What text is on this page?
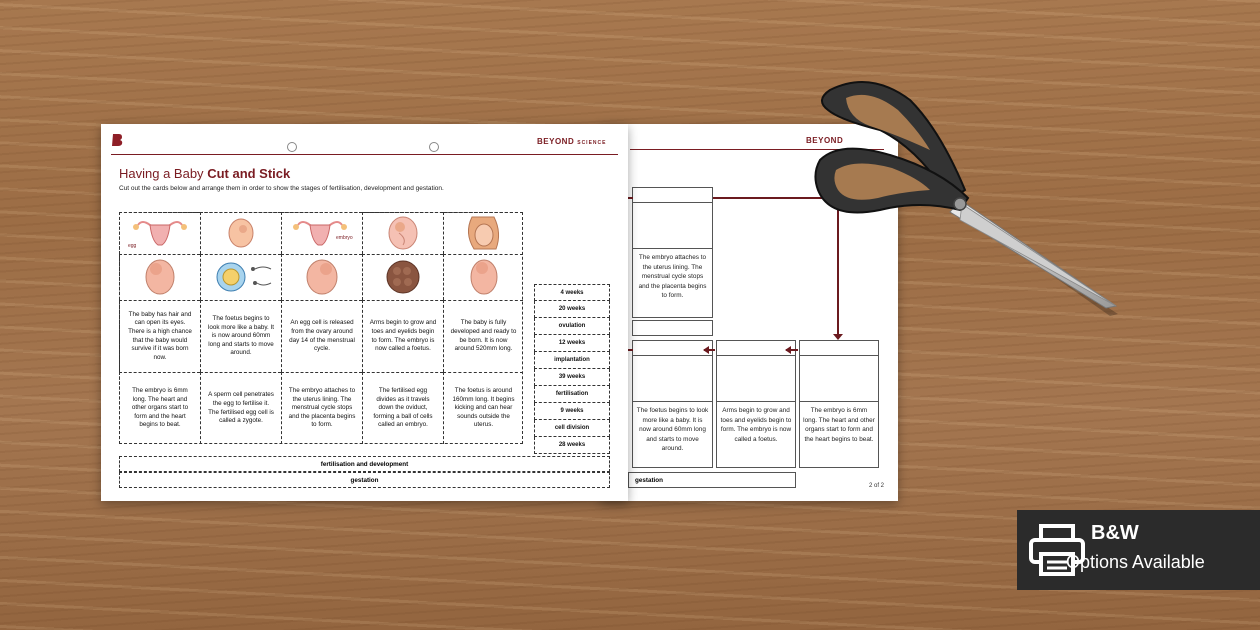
BEYOND
The embryo attaches to the uterus lining. The menstrual cycle stops and the placenta begins to form.
The foetus begins to look more like a baby. It is now around 60mm long and starts to move around.
Arms begin to grow and toes and eyelids begin to form. The embryo is now called a foetus.
The embryo is 6mm long. The heart and other organs start to form and the heart begins to beat.
gestation
2 of 2
BEYOND SCIENCE
Having a Baby Cut and Stick
Cut out the cards below and arrange them in order to show the stages of fertilisation, development and gestation.
egg
embryo
The baby has hair and can open its eyes. There is a high chance that the baby would survive if it was born now.
The foetus begins to look more like a baby. It is now around 60mm long and starts to move around.
An egg cell is released from the ovary around day 14 of the menstrual cycle.
Arms begin to grow and toes and eyelids begin to form. The embryo is now called a foetus.
The baby is fully developed and ready to be born. It is now around 520mm long.
The embryo is 6mm long. The heart and other organs start to form and the heart begins to beat.
A sperm cell penetrates the egg to fertilise it. The fertilised egg cell is called a zygote.
The embryo attaches to the uterus lining. The menstrual cycle stops and the placenta begins to form.
The fertilised egg divides as it travels down the oviduct, forming a ball of cells called an embryo.
The foetus is around 160mm long. It begins kicking and can hear sounds outside the uterus.
4 weeks
20 weeks
ovulation
12 weeks
implantation
39 weeks
fertilisation
9 weeks
cell division
28 weeks
fertilisation and development
gestation
B&W
Options Available
